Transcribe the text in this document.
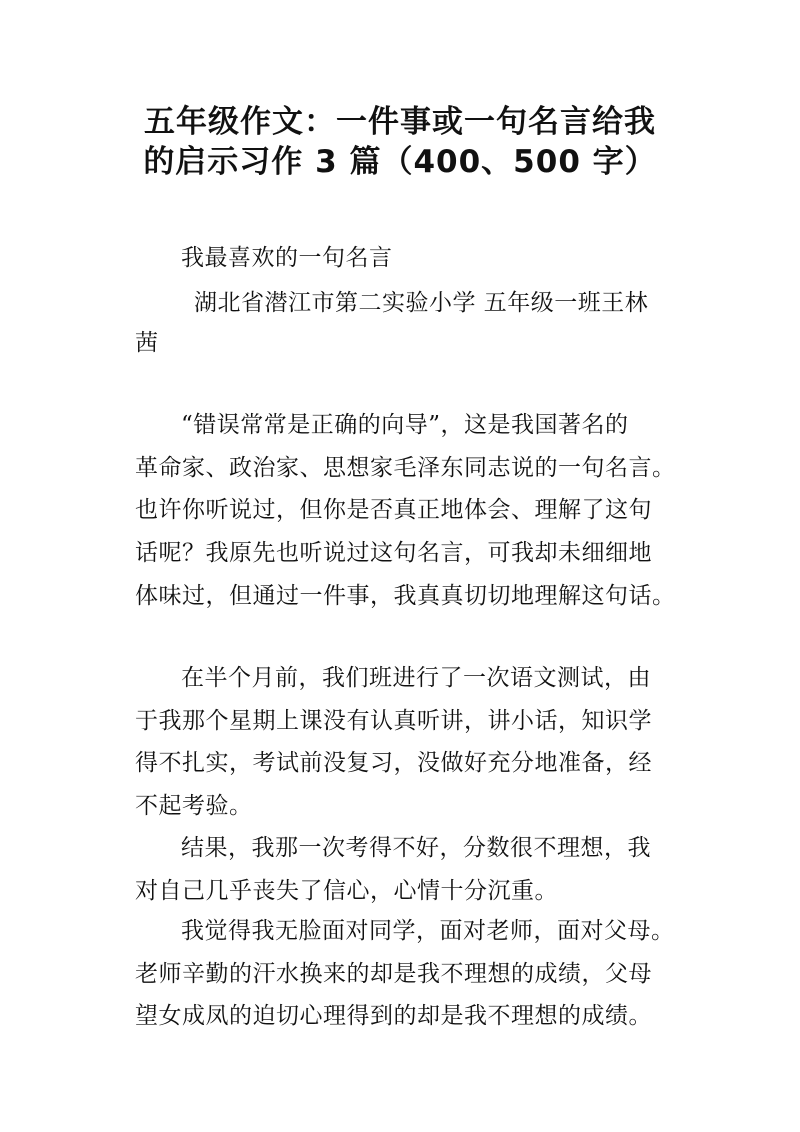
五年级作文：一件事或一句名言给我
的启示习作 3 篇（400、500 字）
我最喜欢的一句名言
湖北省潜江市第二实验小学 五年级一班王林
茜
“错误常常是正确的向导”，这是我国著名的
革命家、政治家、思想家毛泽东同志说的一句名言。
也许你听说过，但你是否真正地体会、理解了这句
话呢？我原先也听说过这句名言，可我却未细细地
体味过，但通过一件事，我真真切切地理解这句话。
在半个月前，我们班进行了一次语文测试，由
于我那个星期上课没有认真听讲，讲小话，知识学
得不扎实，考试前没复习，没做好充分地准备，经
不起考验。
结果，我那一次考得不好，分数很不理想，我
对自己几乎丧失了信心，心情十分沉重。
我觉得我无脸面对同学，面对老师，面对父母。
老师辛勤的汗水换来的却是我不理想的成绩，父母
望女成凤的迫切心理得到的却是我不理想的成绩。
